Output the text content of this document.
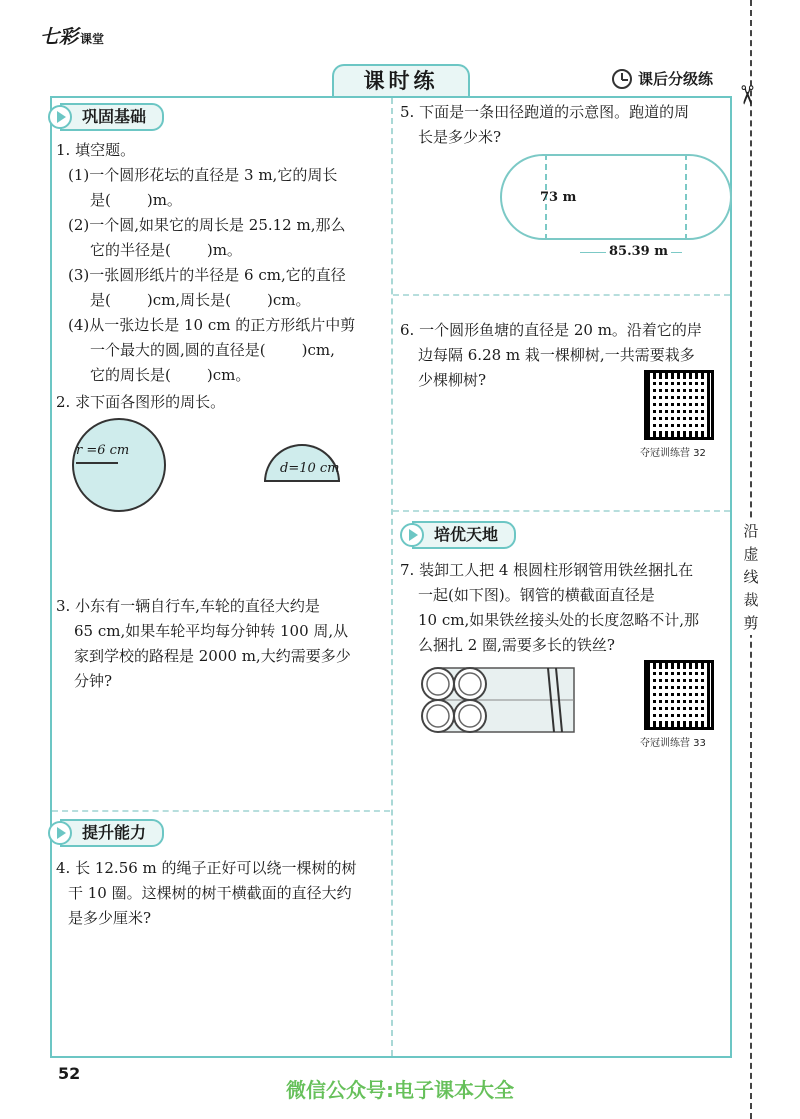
七彩 课堂
课时练	课后分级练
✂
沿
虚
线
裁
剪
巩固基础
1. 填空题。
(1)一个圆形花坛的直径是 3 m,它的周长
是( )m。
(2)一个圆,如果它的周长是 25.12 m,那么
它的半径是( )m。
(3)一张圆形纸片的半径是 6 cm,它的直径
是( )cm,周长是( )cm。
(4)从一张边长是 10 cm 的正方形纸片中剪
一个最大的圆,圆的直径是( )cm,
它的周长是( )cm。
2. 求下面各图形的周长。
r =6 cm
d=10 cm
3. 小东有一辆自行车,车轮的直径大约是
65 cm,如果车轮平均每分钟转 100 周,从
家到学校的路程是 2000 m,大约需要多少
分钟?
提升能力
4. 长 12.56 m 的绳子正好可以绕一棵树的树
干 10 圈。这棵树的树干横截面的直径大约
是多少厘米?
5. 下面是一条田径跑道的示意图。跑道的周
长是多少米?
73 m
85.39 m
6. 一个圆形鱼塘的直径是 20 m。沿着它的岸
边每隔 6.28 m 栽一棵柳树,一共需要栽多
少棵柳树?
夺冠训练营 32
培优天地
7. 装卸工人把 4 根圆柱形钢管用铁丝捆扎在
一起(如下图)。钢管的横截面直径是
10 cm,如果铁丝接头处的长度忽略不计,那
么捆扎 2 圈,需要多长的铁丝?
夺冠训练营 33
52
微信公众号:电子课本大全
